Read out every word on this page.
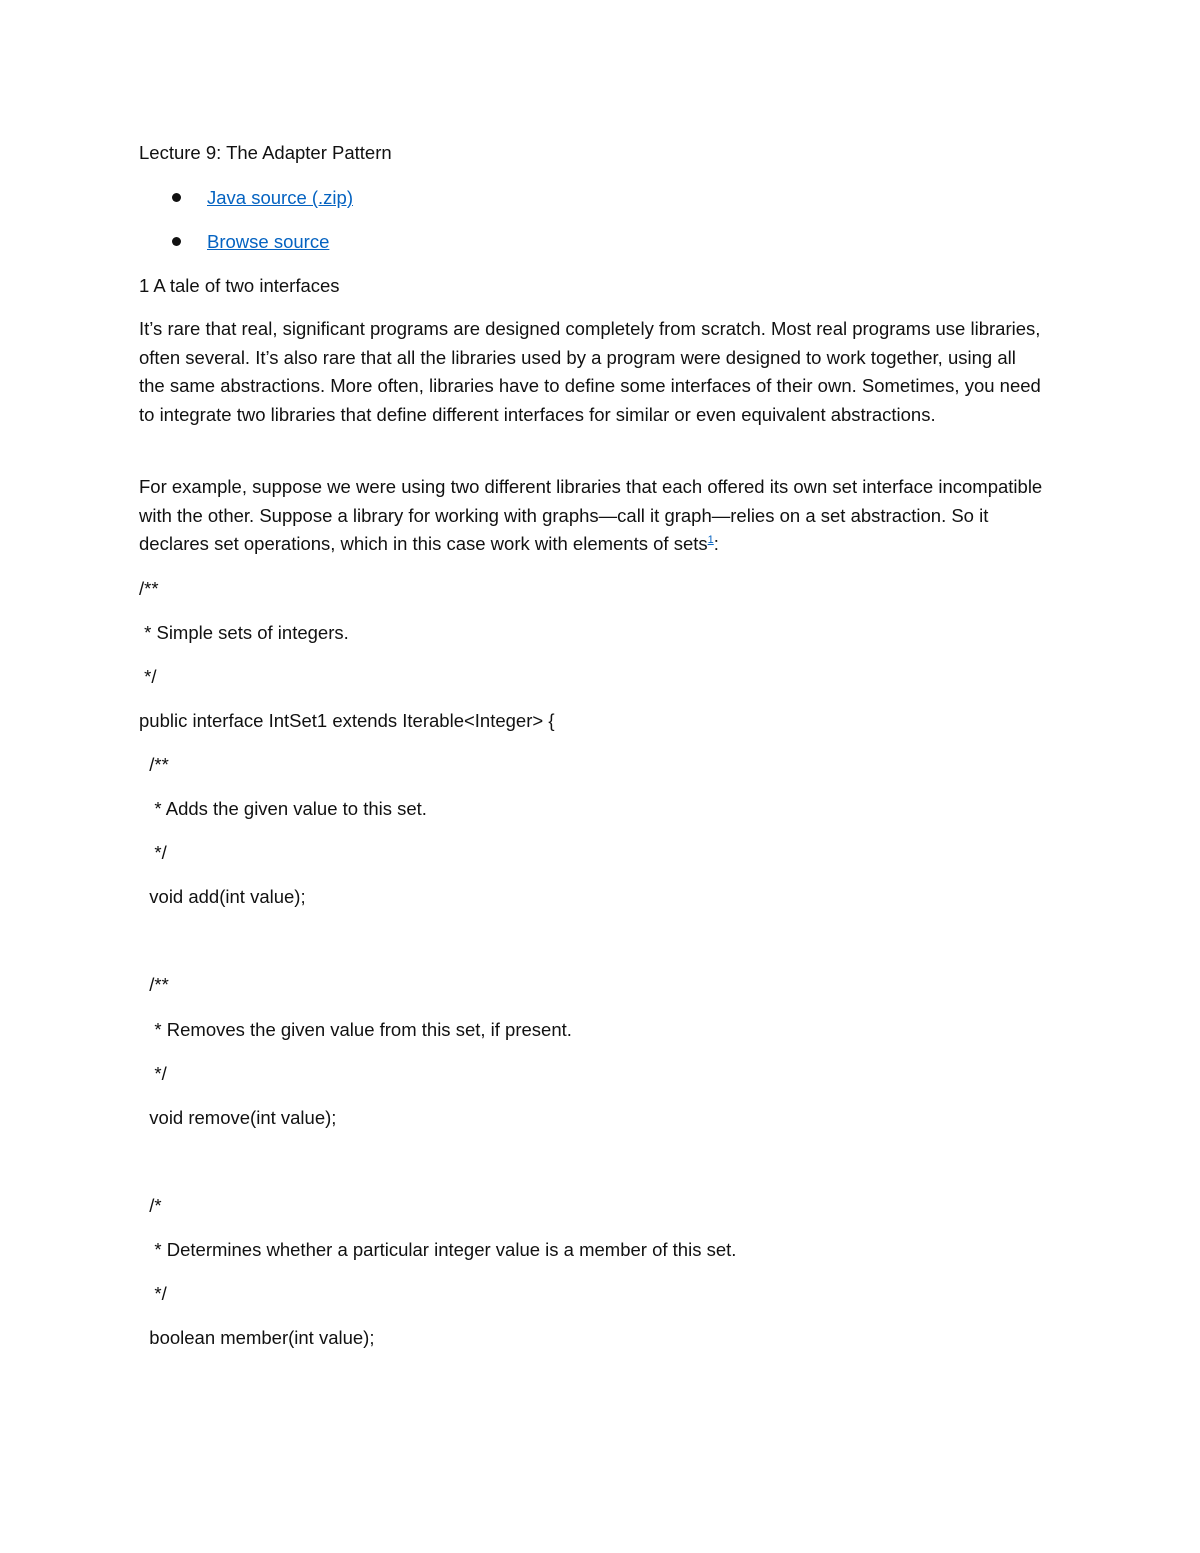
Lecture 9: The Adapter Pattern
Java source (.zip)
Browse source
1 A tale of two interfaces
It’s rare that real, significant programs are designed completely from scratch. Most real programs use libraries, often several. It’s also rare that all the libraries used by a program were designed to work together, using all the same abstractions. More often, libraries have to define some interfaces of their own. Sometimes, you need to integrate two libraries that define different interfaces for similar or even equivalent abstractions.
For example, suppose we were using two different libraries that each offered its own set interface incompatible with the other. Suppose a library for working with graphs—call it graph—relies on a set abstraction. So it declares set operations, which in this case work with elements of sets$^1$:
/**
* Simple sets of integers.
*/
public interface IntSet1 extends Iterable<Integer> {
/**
* Adds the given value to this set.
*/
void add(int value);
/**
* Removes the given value from this set, if present.
*/
void remove(int value);
/*
* Determines whether a particular integer value is a member of this set.
*/
boolean member(int value);
